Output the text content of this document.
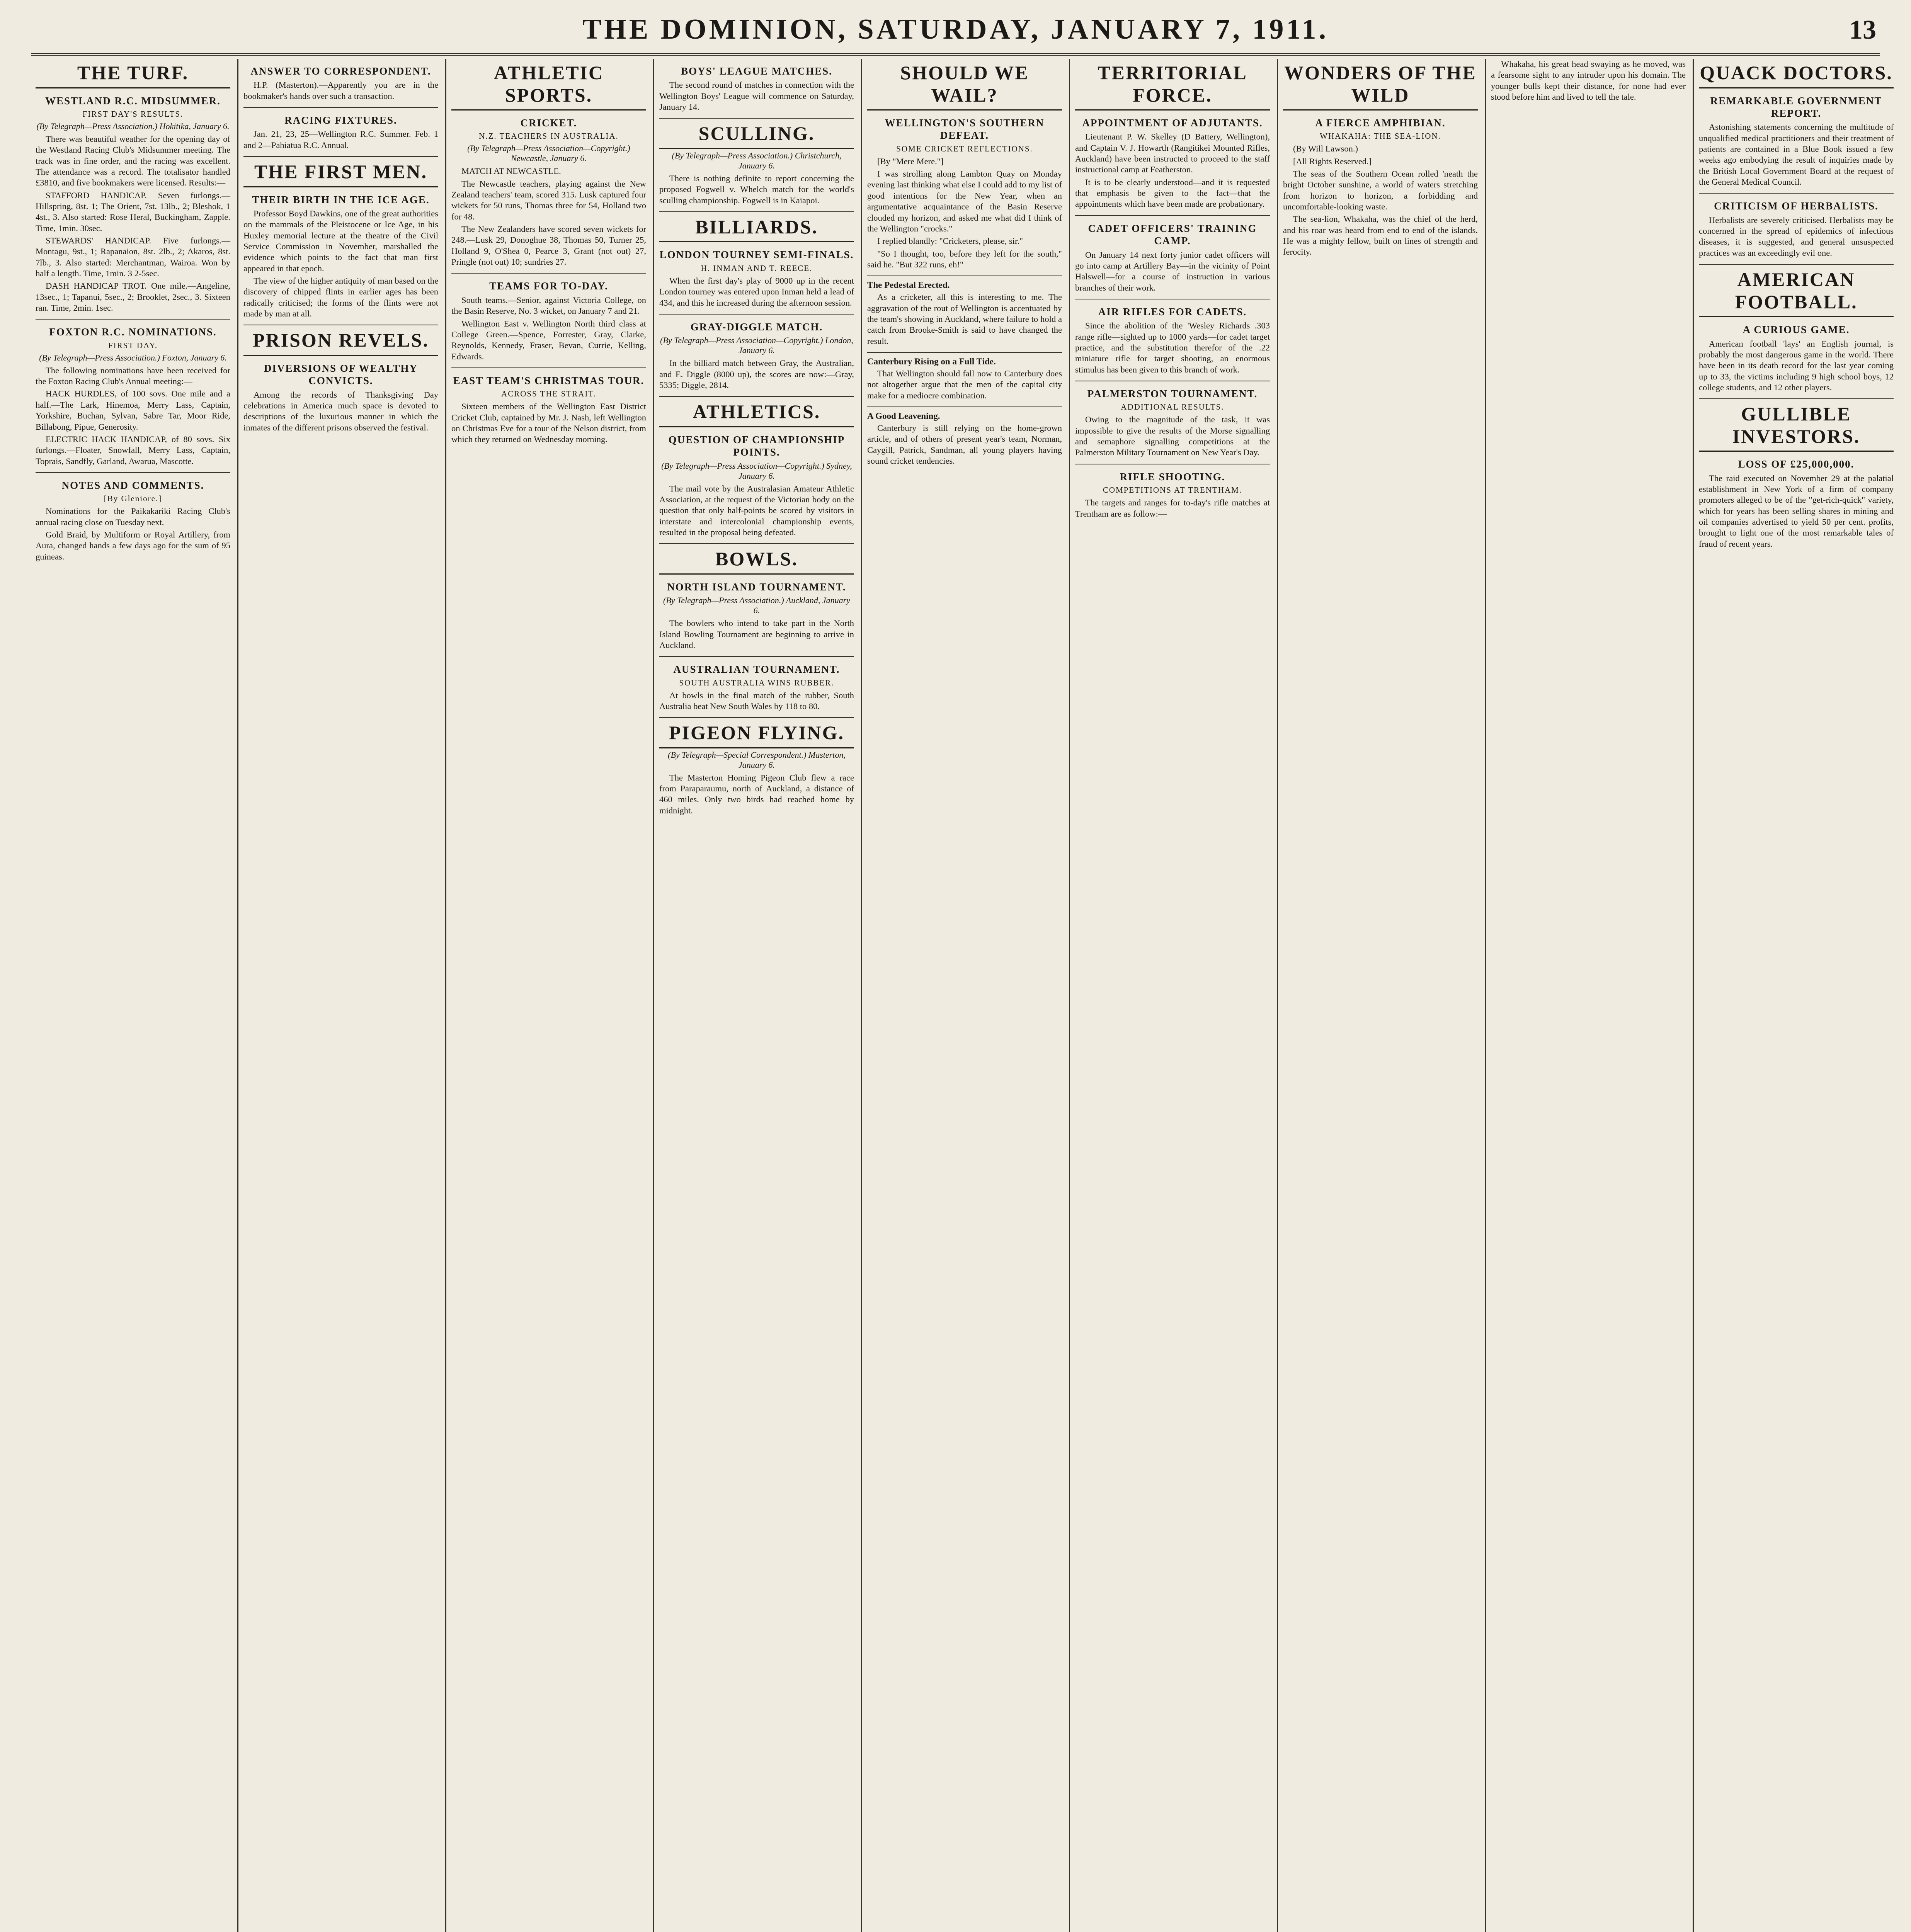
THE DOMINION, SATURDAY, JANUARY 7, 1911.	13
THE TURF.
WESTLAND R.C. MIDSUMMER.
FIRST DAY'S RESULTS.
(By Telegraph—Press Association.) Hokitika, January 6.

There was beautiful weather for the opening day of the Westland Racing Club's Midsummer meeting. The track was in fine order, and the racing was excellent. The attendance was a record. The totalisator handled £3810, and five bookmakers were licensed. Results:—

STAFFORD HANDICAP. Seven furlongs.—Hillspring, 8st. 1; The Orient, 7st. 13lb., 2; Bleshok, 1 4st., 3. Also started: Rose Heral, Buckingham, Zapple. Time, 1min. 30sec.

STEWARDS' HANDICAP. Five furlongs.—Montagu, 9st., 1; Rapanaion, 8st. 2lb., 2; Akaros, 8st. 7lb., 3. Also started: Merchantman, Wairoa. Won by half a length. Time, 1min. 3 2-5sec.

DASH HANDICAP TROT. One mile.—Angeline, 13sec., 1; Tapanui, 5sec., 2; Brooklet, 2sec., 3. Sixteen ran. Time, 2min. 1sec.

FOXTON R.C. NOMINATIONS.
FIRST DAY.
(By Telegraph—Press Association.) Foxton, January 6.

The following nominations have been received for the Foxton Racing Club's Annual meeting:—

HACK HURDLES, of 100 sovs. One mile and a half.—The Lark, Hinemoa, Merry Lass, Captain, Yorkshire, Buchan, Sylvan, Sabre Tar, Moor Ride, Billabong, Pipue, Generosity.

ELECTRIC HACK HANDICAP, of 80 sovs. Six furlongs.—Floater, Snowfall, Merry Lass, Captain, Toprais, Sandfly, Garland, Awarua, Mascotte.

NOTES AND COMMENTS.
[By Gleniore.]

Nominations for the Paikakariki Racing Club's annual racing close on Tuesday next.

Gold Braid, by Multiform or Royal Artillery, from Aura, changed hands a few days ago for the sum of 95 guineas.

ANSWER TO CORRESPONDENT.

H.P. (Masterton).—Apparently you are in the bookmaker's hands over such a transaction.

RACING FIXTURES.

Jan. 21, 23, 25—Wellington R.C. Summer. Feb. 1 and 2—Pahiatua R.C. Annual.

THE FIRST MEN.
THEIR BIRTH IN THE ICE AGE.

Professor Boyd Dawkins, one of the great authorities on the mammals of the Pleistocene or Ice Age, in his Huxley memorial lecture at the theatre of the Civil Service Commission in November, marshalled the evidence which points to the fact that man first appeared in that epoch.

The view of the higher antiquity of man based on the discovery of chipped flints in earlier ages has been radically criticised; the forms of the flints were not made by man at all.

PRISON REVELS.
DIVERSIONS OF WEALTHY CONVICTS.

Among the records of Thanksgiving Day celebrations in America much space is devoted to descriptions of the luxurious manner in which the inmates of the different prisons observed the festival.

ATHLETIC SPORTS.
CRICKET.
N.Z. TEACHERS IN AUSTRALIA.
(By Telegraph—Press Association—Copyright.) Newcastle, January 6.

MATCH AT NEWCASTLE.

The Newcastle teachers, playing against the New Zealand teachers' team, scored 315. Lusk captured four wickets for 50 runs, Thomas three for 54, Holland two for 48.

The New Zealanders have scored seven wickets for 248.—Lusk 29, Donoghue 38, Thomas 50, Turner 25, Holland 9, O'Shea 0, Pearce 3, Grant (not out) 27, Pringle (not out) 10; sundries 27.

TEAMS FOR TO-DAY.

South teams.—Senior, against Victoria College, on the Basin Reserve, No. 3 wicket, on January 7 and 21.

Wellington East v. Wellington North third class at College Green.—Spence, Forrester, Gray, Clarke, Reynolds, Kennedy, Fraser, Bevan, Currie, Kelling, Edwards.

EAST TEAM'S CHRISTMAS TOUR.
ACROSS THE STRAIT.

Sixteen members of the Wellington East District Cricket Club, captained by Mr. J. Nash, left Wellington on Christmas Eve for a tour of the Nelson district, from which they returned on Wednesday morning.

BOYS' LEAGUE MATCHES.

The second round of matches in connection with the Wellington Boys' League will commence on Saturday, January 14.

SCULLING.
(By Telegraph—Press Association.) Christchurch, January 6.

There is nothing definite to report concerning the proposed Fogwell v. Whelch match for the world's sculling championship. Fogwell is in Kaiapoi.

BILLIARDS.
LONDON TOURNEY SEMI-FINALS.
H. INMAN AND T. REECE.

When the first day's play of 9000 up in the recent London tourney was entered upon Inman held a lead of 434, and this he increased during the afternoon session.

GRAY-DIGGLE MATCH.
(By Telegraph—Press Association—Copyright.) London, January 6.

In the billiard match between Gray, the Australian, and E. Diggle (8000 up), the scores are now:—Gray, 5335; Diggle, 2814.

ATHLETICS.
QUESTION OF CHAMPIONSHIP POINTS.
(By Telegraph—Press Association—Copyright.) Sydney, January 6.

The mail vote by the Australasian Amateur Athletic Association, at the request of the Victorian body on the question that only half-points be scored by visitors in interstate and intercolonial championship events, resulted in the proposal being defeated.

BOWLS.
NORTH ISLAND TOURNAMENT.
(By Telegraph—Press Association.) Auckland, January 6.

The bowlers who intend to take part in the North Island Bowling Tournament are beginning to arrive in Auckland.

AUSTRALIAN TOURNAMENT.
SOUTH AUSTRALIA WINS RUBBER.

At bowls in the final match of the rubber, South Australia beat New South Wales by 118 to 80.

PIGEON FLYING.
(By Telegraph—Special Correspondent.) Masterton, January 6.

The Masterton Homing Pigeon Club flew a race from Paraparaumu, north of Auckland, a distance of 460 miles. Only two birds had reached home by midnight.

SHOULD WE WAIL?
WELLINGTON'S SOUTHERN DEFEAT.
SOME CRICKET REFLECTIONS.

[By "Mere Mere."]

I was strolling along Lambton Quay on Monday evening last thinking what else I could add to my list of good intentions for the New Year, when an argumentative acquaintance of the Basin Reserve clouded my horizon, and asked me what did I think of the Wellington "crocks."

I replied blandly: "Cricketers, please, sir."

"So I thought, too, before they left for the south," said he. "But 322 runs, eh!"

The Pedestal Erected.

As a cricketer, all this is interesting to me. The aggravation of the rout of Wellington is accentuated by the team's showing in Auckland, where failure to hold a catch from Brooke-Smith is said to have changed the result.

Canterbury Rising on a Full Tide.

That Wellington should fall now to Canterbury does not altogether argue that the men of the capital city make for a mediocre combination.

A Good Leavening.

Canterbury is still relying on the home-grown article, and of others of present year's team, Norman, Caygill, Patrick, Sandman, all young players having sound cricket tendencies.

TERRITORIAL FORCE.
APPOINTMENT OF ADJUTANTS.

Lieutenant P. W. Skelley (D Battery, Wellington), and Captain V. J. Howarth (Rangitikei Mounted Rifles, Auckland) have been instructed to proceed to the staff instructional camp at Featherston.

It is to be clearly understood—and it is requested that emphasis be given to the fact—that the appointments which have been made are probationary.

CADET OFFICERS' TRAINING CAMP.

On January 14 next forty junior cadet officers will go into camp at Artillery Bay—in the vicinity of Point Halswell—for a course of instruction in various branches of their work.

AIR RIFLES FOR CADETS.

Since the abolition of the 'Wesley Richards .303 range rifle—sighted up to 1000 yards—for cadet target practice, and the substitution therefor of the .22 miniature rifle for target shooting, an enormous stimulus has been given to this branch of work.

PALMERSTON TOURNAMENT.
ADDITIONAL RESULTS.

Owing to the magnitude of the task, it was impossible to give the results of the Morse signalling and semaphore signalling competitions at the Palmerston Military Tournament on New Year's Day.

RIFLE SHOOTING.
COMPETITIONS AT TRENTHAM.

The targets and ranges for to-day's rifle matches at Trentham are as follow:—

WONDERS OF THE WILD
A FIERCE AMPHIBIAN.
WHAKAHA: THE SEA-LION.

(By Will Lawson.)

[All Rights Reserved.]

The seas of the Southern Ocean rolled 'neath the bright October sunshine, a world of waters stretching from horizon to horizon, a forbidding and uncomfortable-looking waste.

The sea-lion, Whakaha, was the chief of the herd, and his roar was heard from end to end of the islands. He was a mighty fellow, built on lines of strength and ferocity.

Whakaha, his great head swaying as he moved, was a fearsome sight to any intruder upon his domain. The younger bulls kept their distance, for none had ever stood before him and lived to tell the tale.

QUACK DOCTORS.
REMARKABLE GOVERNMENT REPORT.

Astonishing statements concerning the multitude of unqualified medical practitioners and their treatment of patients are contained in a Blue Book issued a few weeks ago embodying the result of inquiries made by the British Local Government Board at the request of the General Medical Council.

CRITICISM OF HERBALISTS.

Herbalists are severely criticised. Herbalists may be concerned in the spread of epidemics of infectious diseases, it is suggested, and general unsuspected practices was an exceedingly evil one.

AMERICAN FOOTBALL.
A CURIOUS GAME.

American football 'lays' an English journal, is probably the most dangerous game in the world. There have been in its death record for the last year coming up to 33, the victims including 9 high school boys, 12 college students, and 12 other players.

GULLIBLE INVESTORS.
LOSS OF £25,000,000.

The raid executed on November 29 at the palatial establishment in New York of a firm of company promoters alleged to be of the "get-rich-quick" variety, which for years has been selling shares in mining and oil companies advertised to yield 50 per cent. profits, brought to light one of the most remarkable tales of fraud of recent years.
